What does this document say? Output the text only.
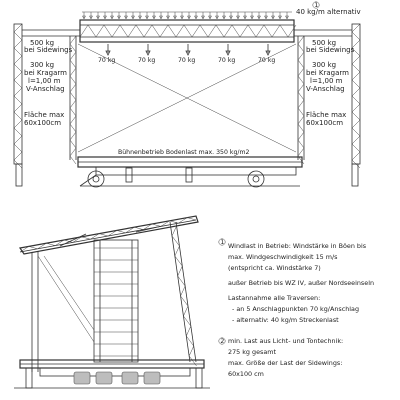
40 kg/m alternativ
1
70 kg	70 kg	70 kg	70 kg	70 kg
500 kg
bei Sidewings
300 kg
bei Kragarm
l=1,00 m
V-Anschlag
Fläche max
60x100cm
500 kg
bei Sidewings
300 kg
bei Kragarm
l=1,00 m
V-Anschlag
Fläche max
60x100cm
Bühnenbetrieb Bodenlast max. 350 kg/m2
1 Windlast in Betrieb: Windstärke in Böen bis
max. Windgeschwindigkeit 15 m/s
(entspricht ca. Windstärke 7)
außer Betrieb bis WZ IV, außer Nordseeinseln
Lastannahme alle Traversen:
- an 5 Anschlagpunkten 70 kg/Anschlag
- alternativ: 40 kg/m Streckenlast
2 min. Last aus Licht- und Tontechnik:
275 kg gesamt
max. Größe der Last der Sidewings:
60x100 cm
